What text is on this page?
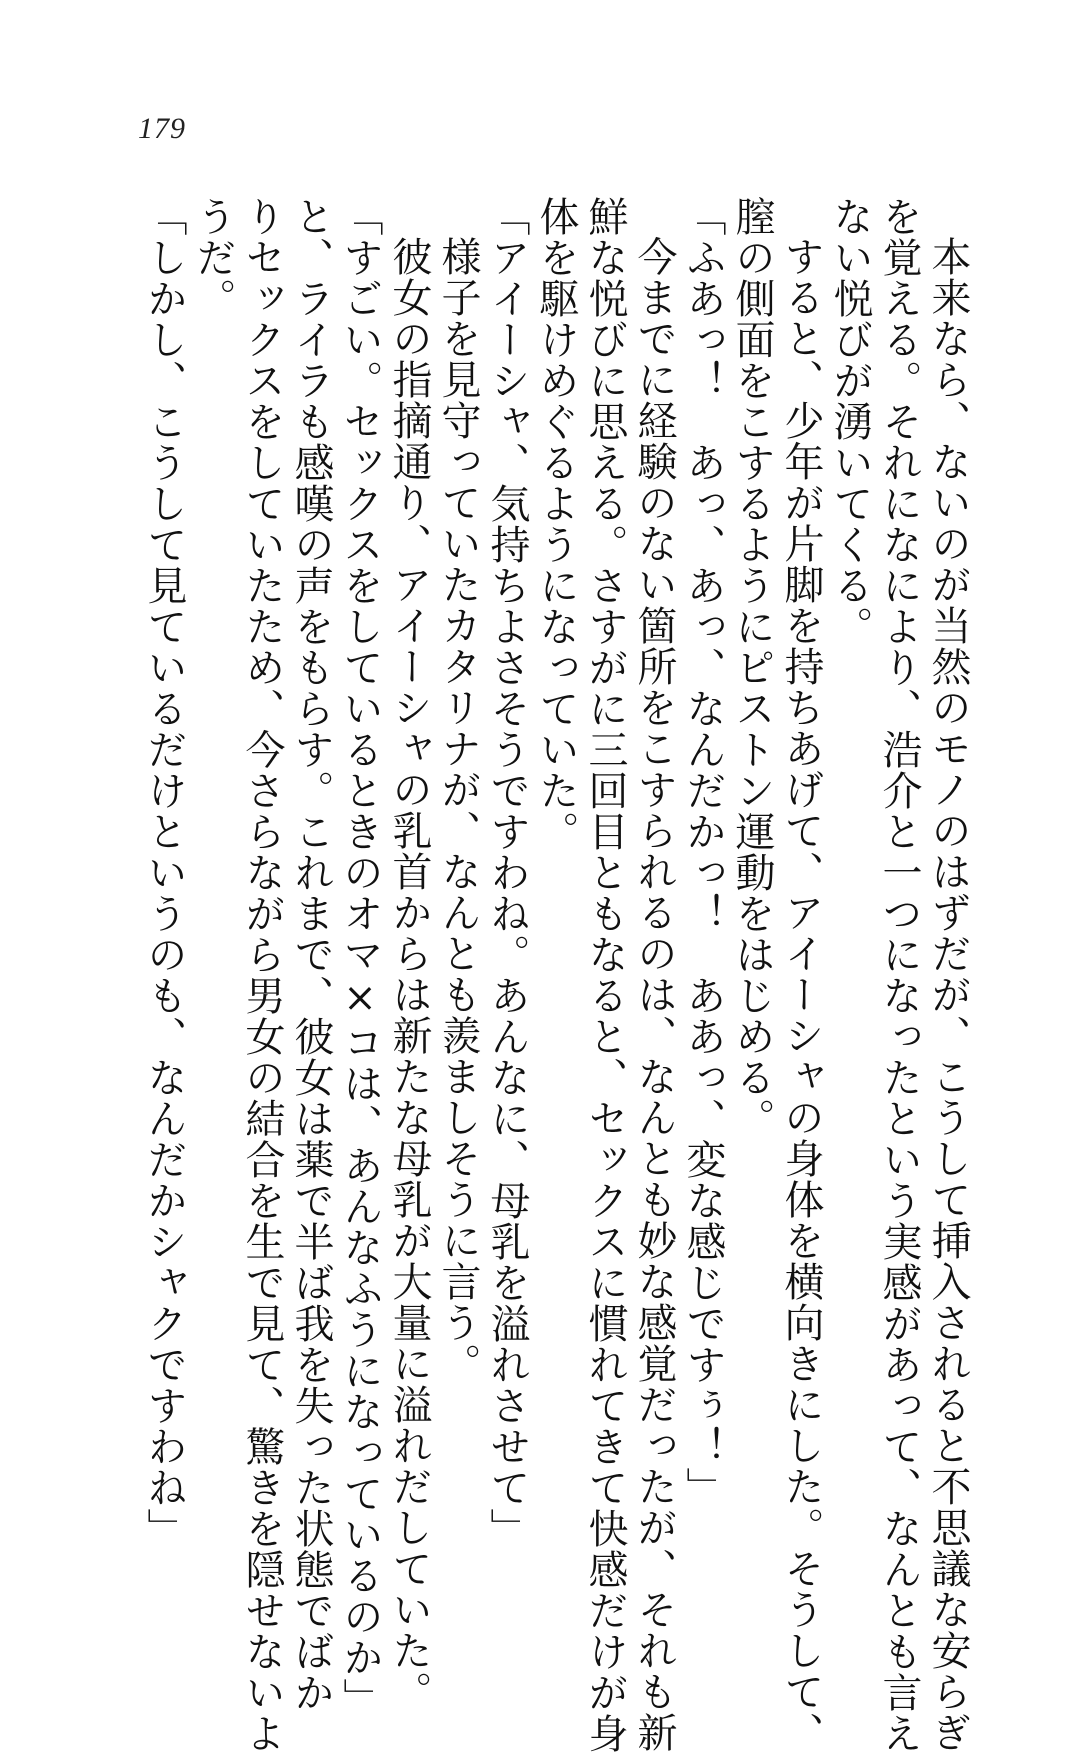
179
本来なら、ないのが当然のモノのはずだが、こうして挿入されると不思議な安らぎ
を覚える。それになにより、浩介と一つになったという実感があって、なんとも言え
ない悦びが湧いてくる。
すると、少年が片脚を持ちあげて、アイーシャの身体を横向きにした。そうして、
膣の側面をこするようにピストン運動をはじめる。
「ふあっ！　あっ、あっ、なんだかっ！　ああっ、変な感じですぅ！」
今までに経験のない箇所をこすられるのは、なんとも妙な感覚だったが、それも新
鮮な悦びに思える。さすがに三回目ともなると、セックスに慣れてきて快感だけが身
体を駆けめぐるようになっていた。
「アイーシャ、気持ちよさそうですわね。あんなに、母乳を溢れさせて」
様子を見守っていたカタリナが、なんとも羨ましそうに言う。
彼女の指摘通り、アイーシャの乳首からは新たな母乳が大量に溢れだしていた。
「すごい。セックスをしているときのオマ×コは、あんなふうになっているのか」
と、ライラも感嘆の声をもらす。これまで、彼女は薬で半ば我を失った状態でばか
りセックスをしていたため、今さらながら男女の結合を生で見て、驚きを隠せないよ
うだ。
「しかし、こうして見ているだけというのも、なんだかシャクですわね」
